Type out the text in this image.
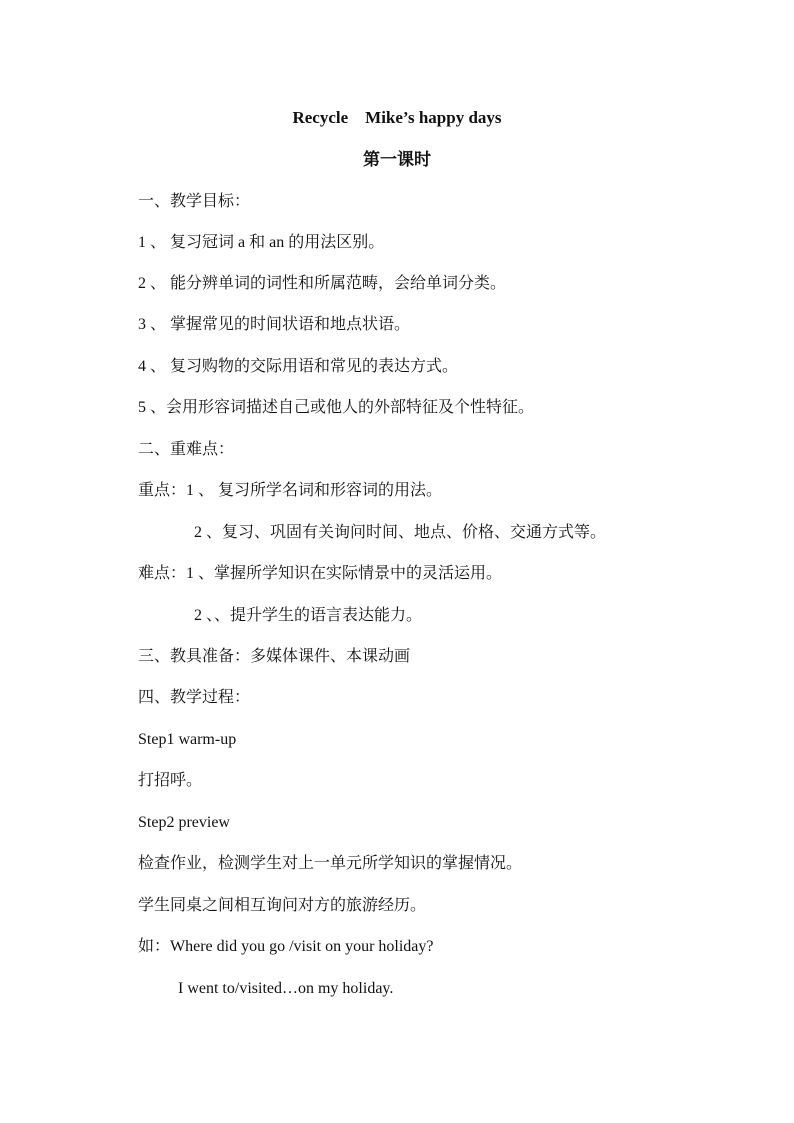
Recycle    Mike’s happy days
第一课时
一、教学目标：
1 、 复习冠词 a 和 an 的用法区别。
2 、 能分辨单词的词性和所属范畴，会给单词分类。
3 、 掌握常见的时间状语和地点状语。
4 、 复习购物的交际用语和常见的表达方式。
5 、会用形容词描述自己或他人的外部特征及个性特征。
二、重难点：
重点：1 、 复习所学名词和形容词的用法。
2 、复习、巩固有关询问时间、地点、价格、交通方式等。
难点：1 、掌握所学知识在实际情景中的灵活运用。
2 、、提升学生的语言表达能力。
三、教具准备：多媒体课件、本课动画
四、教学过程：
Step1 warm-up
打招呼。
Step2 preview
检查作业，检测学生对上一单元所学知识的掌握情况。
学生同桌之间相互询问对方的旅游经历。
如：Where did you go /visit on your holiday?
I went to/visited…on my holiday.
